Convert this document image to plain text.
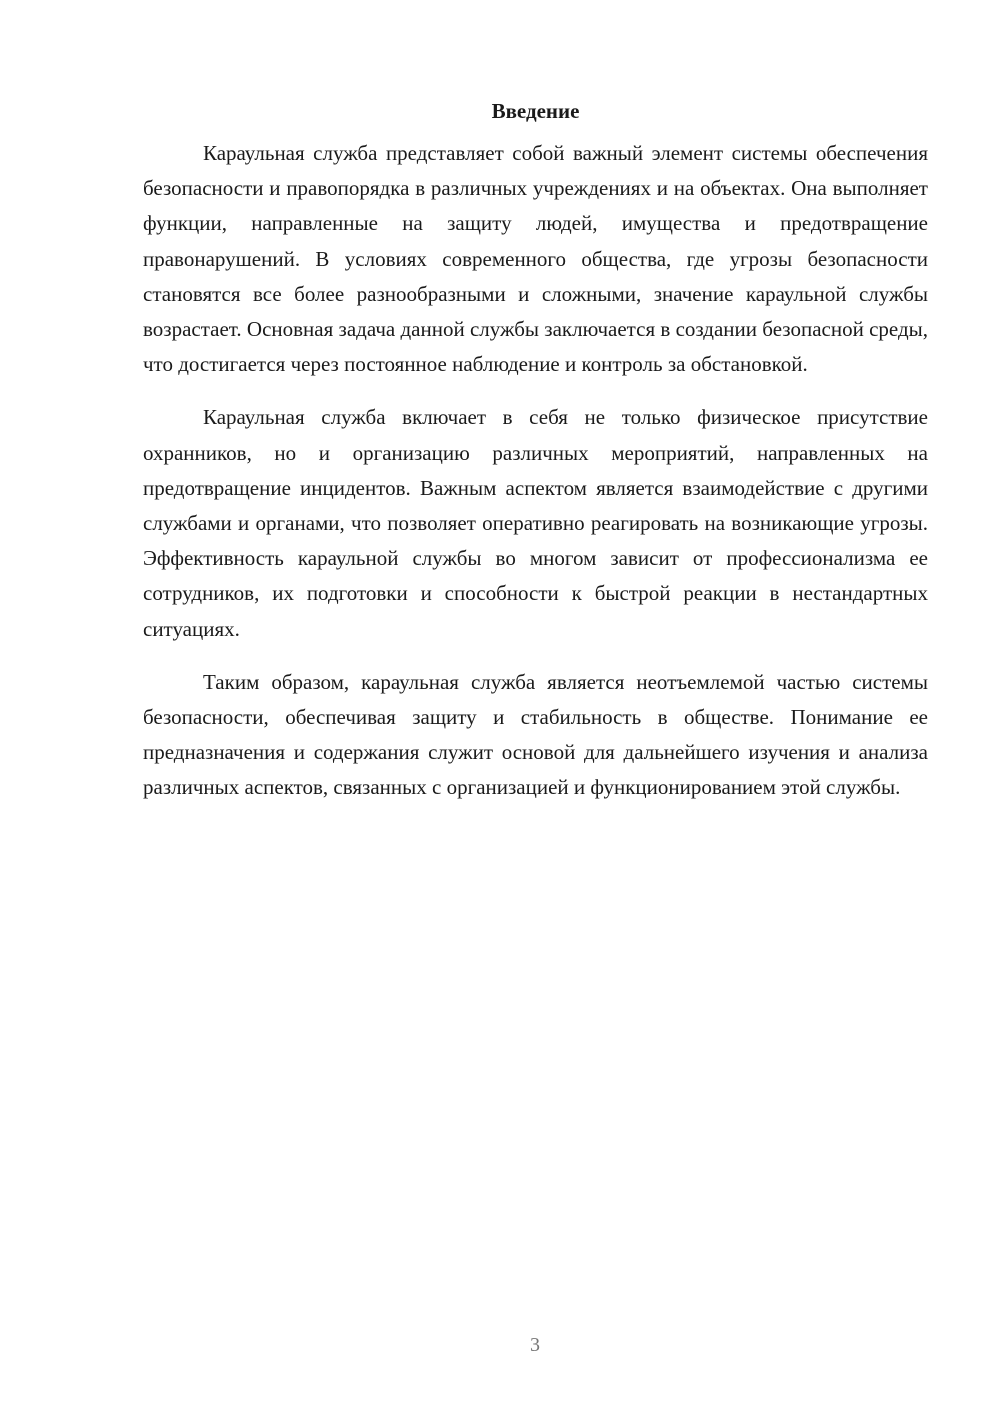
Введение

Караульная служба представляет собой важный элемент системы обеспечения безопасности и правопорядка в различных учреждениях и на объектах. Она выполняет функции, направленные на защиту людей, имущества и предотвращение правонарушений. В условиях современного общества, где угрозы безопасности становятся все более разнообразными и сложными, значение караульной службы возрастает. Основная задача данной службы заключается в создании безопасной среды, что достигается через постоянное наблюдение и контроль за обстановкой.

Караульная служба включает в себя не только физическое присутствие охранников, но и организацию различных мероприятий, направленных на предотвращение инцидентов. Важным аспектом является взаимодействие с другими службами и органами, что позволяет оперативно реагировать на возникающие угрозы. Эффективность караульной службы во многом зависит от профессионализма ее сотрудников, их подготовки и способности к быстрой реакции в нестандартных ситуациях.

Таким образом, караульная служба является неотъемлемой частью системы безопасности, обеспечивая защиту и стабильность в обществе. Понимание ее предназначения и содержания служит основой для дальнейшего изучения и анализа различных аспектов, связанных с организацией и функционированием этой службы.

3
